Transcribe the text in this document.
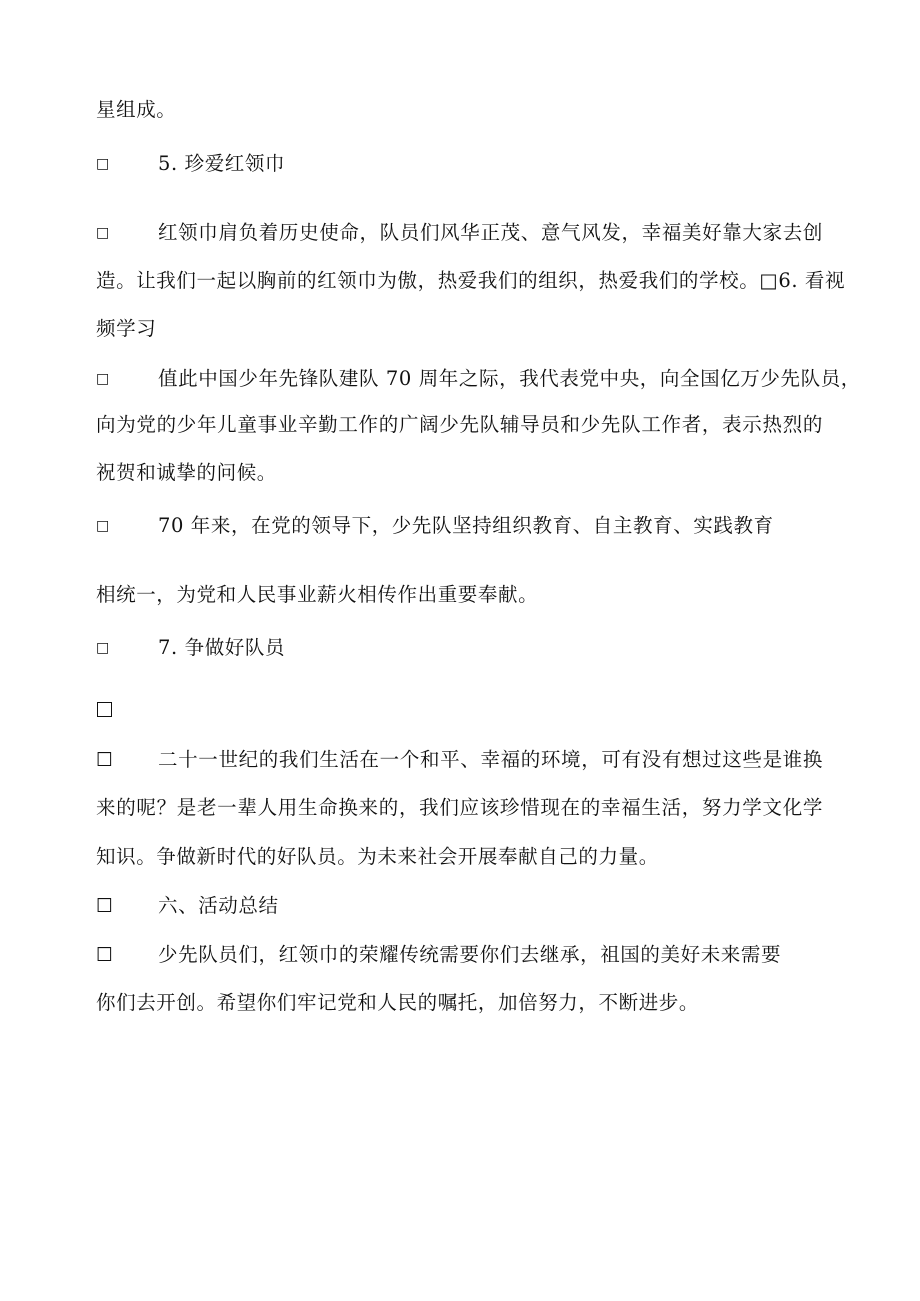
星组成。
□	5. 珍爱红领巾
□	红领巾肩负着历史使命，队员们风华正茂、意气风发，幸福美好靠大家去创
造。让我们一起以胸前的红领巾为傲，热爱我们的组织，热爱我们的学校。□6. 看视
频学习
□	值此中国少年先锋队建队 70 周年之际，我代表党中央，向全国亿万少先队员，
向为党的少年儿童事业辛勤工作的广阔少先队辅导员和少先队工作者，表示热烈的
祝贺和诚挚的问候。
□	70 年来，在党的领导下，少先队坚持组织教育、自主教育、实践教育
相统一，为党和人民事业薪火相传作出重要奉献。
□	7. 争做好队员
☐ 二十一世纪的我们生活在一个和平、幸福的环境，可有没有想过这些是谁换
来的呢？是老一辈人用生命换来的，我们应该珍惜现在的幸福生活，努力学文化学
知识。争做新时代的好队员。为未来社会开展奉献自己的力量。
☐ 六、活动总结
☐ 少先队员们，红领巾的荣耀传统需要你们去继承，祖国的美好未来需要
你们去开创。希望你们牢记党和人民的嘱托，加倍努力，不断进步。
